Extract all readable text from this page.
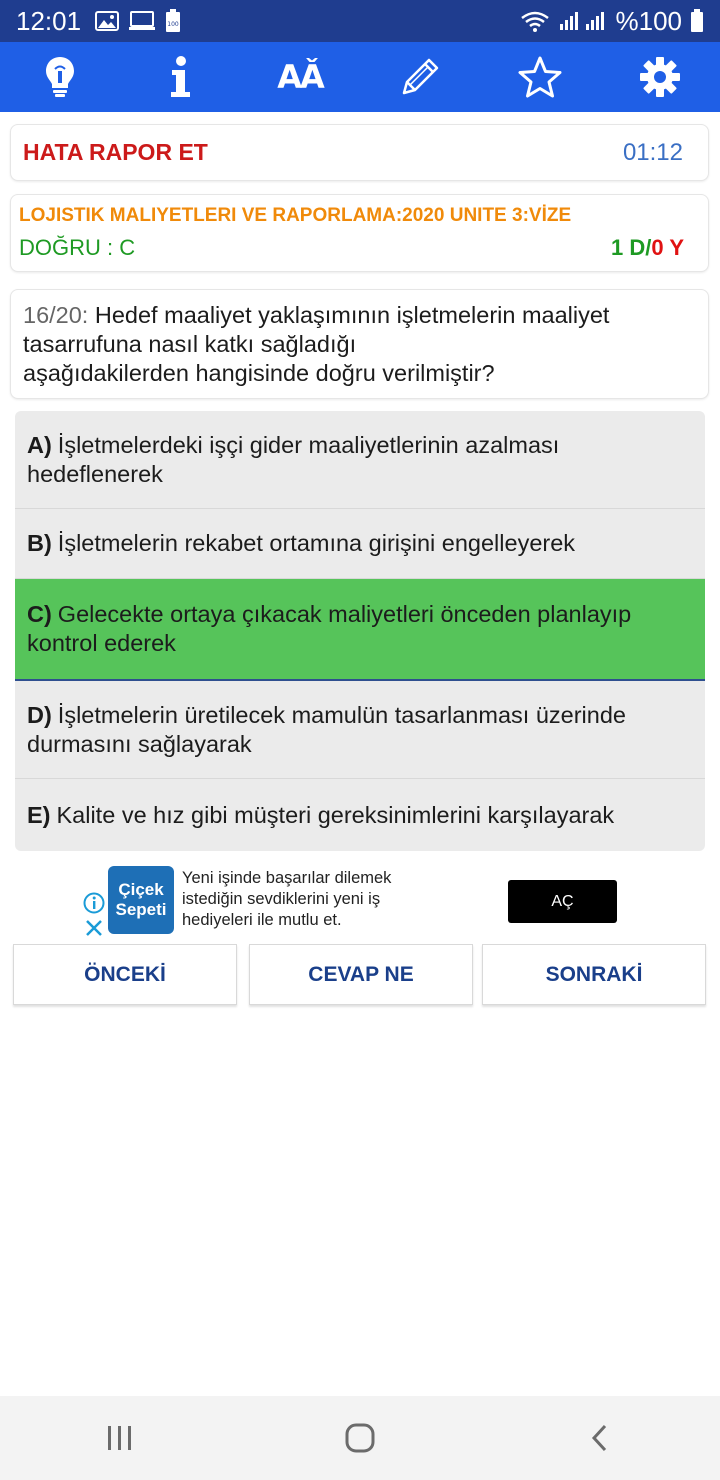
12:01	100	%100
AǍ
HATA RAPOR ET	01:12
LOJISTIK MALIYETLERI VE RAPORLAMA:2020 UNITE 3:VİZE
DOĞRU : C	1 D/0 Y
16/20: Hedef maaliyet yaklaşımının işletmelerin maaliyet tasarrufuna nasıl katkı sağladığı
aşağıdakilerden hangisinde doğru verilmiştir?
A) İşletmelerdeki işçi gider maaliyetlerinin azalması hedeflenerek
B) İşletmelerin rekabet ortamına girişini engelleyerek
C) Gelecekte ortaya çıkacak maliyetleri önceden planlayıp kontrol ederek
D) İşletmelerin üretilecek mamulün tasarlanması üzerinde durmasını sağlayarak
E) Kalite ve hız gibi müşteri gereksinimlerini karşılayarak
Çiçek
Sepeti
Yeni işinde başarılar dilemek istediğin sevdiklerini yeni iş hediyeleri ile mutlu et.
AÇ
ÖNCEKİ	CEVAP NE	SONRAKİ
